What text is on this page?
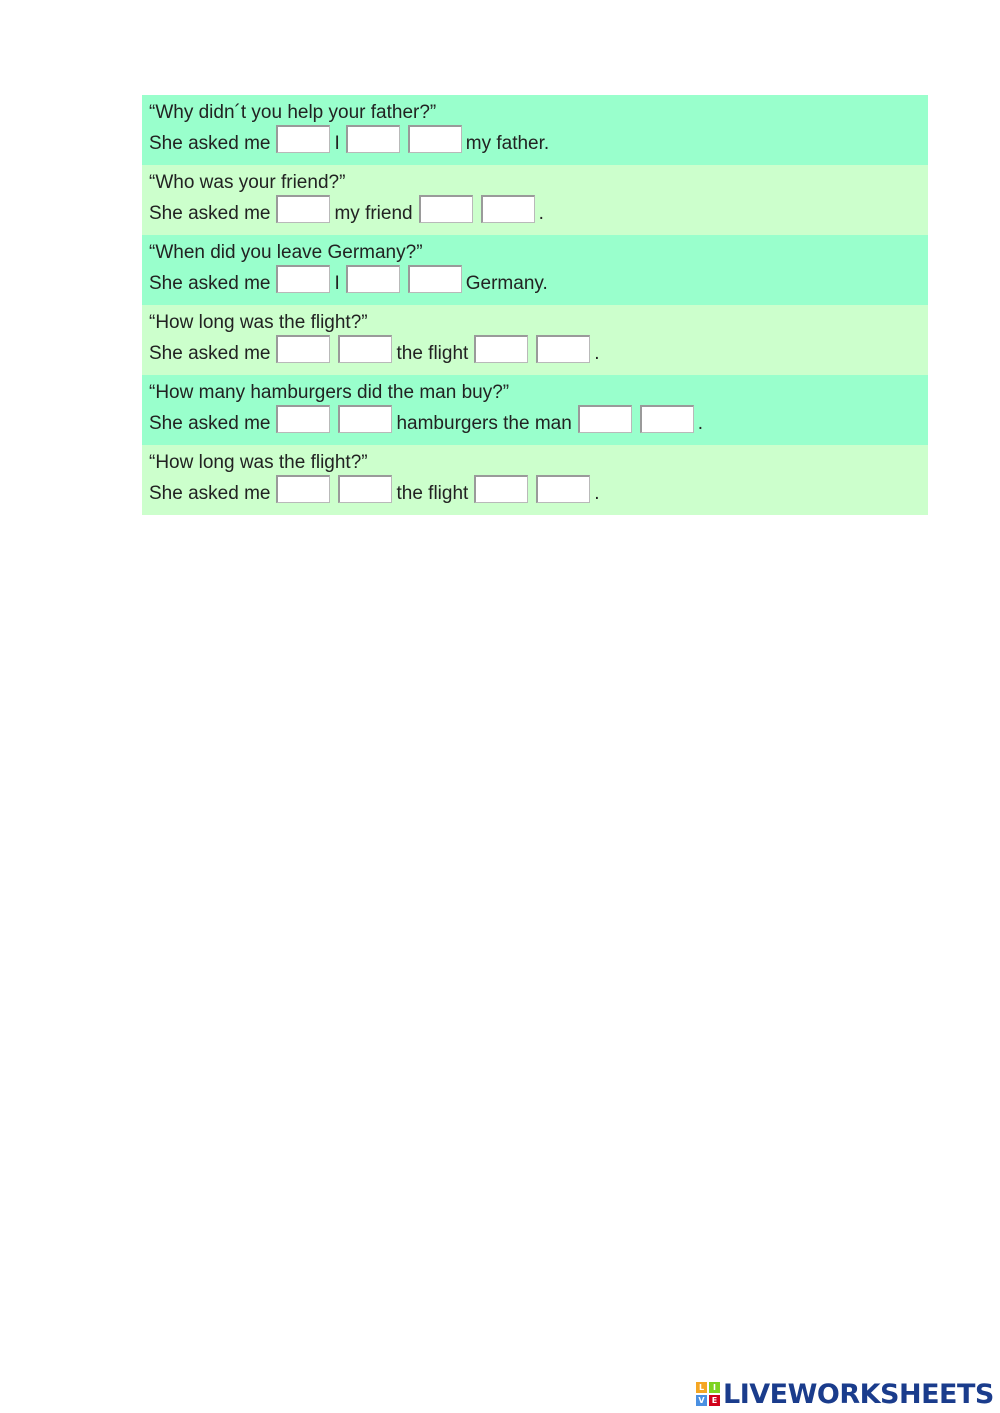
“Why didn´t you help your father?”
She asked me	I	my father.
“Who was your friend?”
She asked me	my friend	.
“When did you leave Germany?”
She asked me	I	Germany.
“How long was the flight?”
She asked me	the flight	.
“How many hamburgers did the man buy?”
She asked me	hamburgers the man	.
“How long was the flight?”
She asked me	the flight	.
L	I
V E LIVEWORKSHEETS
